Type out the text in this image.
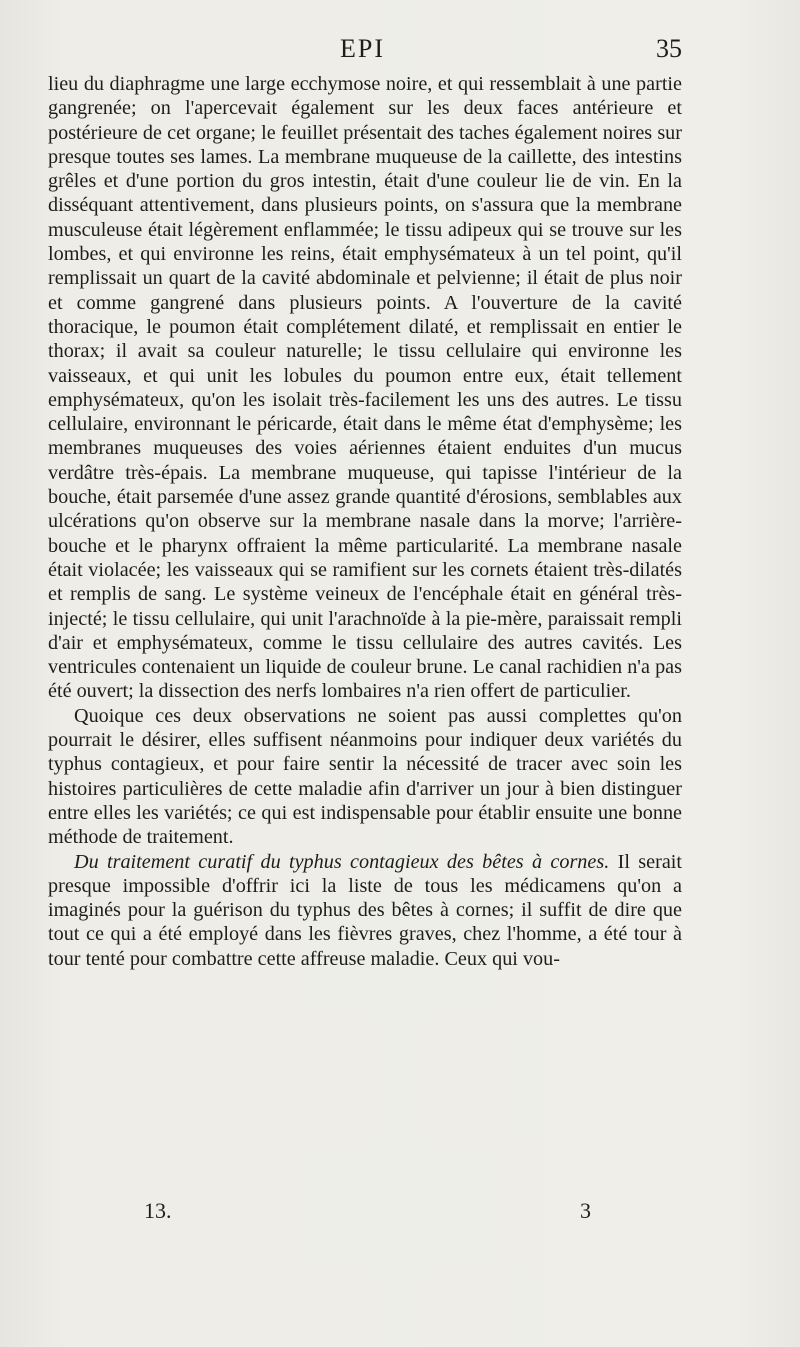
EPI	35

lieu du diaphragme une large ecchymose noire, et qui ressemblait à une partie gangrenée; on l'apercevait également sur les deux faces antérieure et postérieure de cet organe; le feuillet présentait des taches également noires sur presque toutes ses lames. La membrane muqueuse de la caillette, des intestins grêles et d'une portion du gros intestin, était d'une couleur lie de vin. En la disséquant attentivement, dans plusieurs points, on s'assura que la membrane musculeuse était légèrement enflammée; le tissu adipeux qui se trouve sur les lombes, et qui environne les reins, était emphysémateux à un tel point, qu'il remplissait un quart de la cavité abdominale et pelvienne; il était de plus noir et comme gangrené dans plusieurs points. A l'ouverture de la cavité thoracique, le poumon était complétement dilaté, et remplissait en entier le thorax; il avait sa couleur naturelle; le tissu cellulaire qui environne les vaisseaux, et qui unit les lobules du poumon entre eux, était tellement emphysémateux, qu'on les isolait très-facilement les uns des autres. Le tissu cellulaire, environnant le péricarde, était dans le même état d'emphysème; les membranes muqueuses des voies aériennes étaient enduites d'un mucus verdâtre très-épais. La membrane muqueuse, qui tapisse l'intérieur de la bouche, était parsemée d'une assez grande quantité d'érosions, semblables aux ulcérations qu'on observe sur la membrane nasale dans la morve; l'arrière-bouche et le pharynx offraient la même particularité. La membrane nasale était violacée; les vaisseaux qui se ramifient sur les cornets étaient très-dilatés et remplis de sang. Le système veineux de l'encéphale était en général très-injecté; le tissu cellulaire, qui unit l'arachnoïde à la pie-mère, paraissait rempli d'air et emphysémateux, comme le tissu cellulaire des autres cavités. Les ventricules contenaient un liquide de couleur brune. Le canal rachidien n'a pas été ouvert; la dissection des nerfs lombaires n'a rien offert de particulier.

Quoique ces deux observations ne soient pas aussi complettes qu'on pourrait le désirer, elles suffisent néanmoins pour indiquer deux variétés du typhus contagieux, et pour faire sentir la nécessité de tracer avec soin les histoires particulières de cette maladie afin d'arriver un jour à bien distinguer entre elles les variétés; ce qui est indispensable pour établir ensuite une bonne méthode de traitement.

Du traitement curatif du typhus contagieux des bêtes à cornes. Il serait presque impossible d'offrir ici la liste de tous les médicamens qu'on a imaginés pour la guérison du typhus des bêtes à cornes; il suffit de dire que tout ce qui a été employé dans les fièvres graves, chez l'homme, a été tour à tour tenté pour combattre cette affreuse maladie. Ceux qui vou-

13.	3
